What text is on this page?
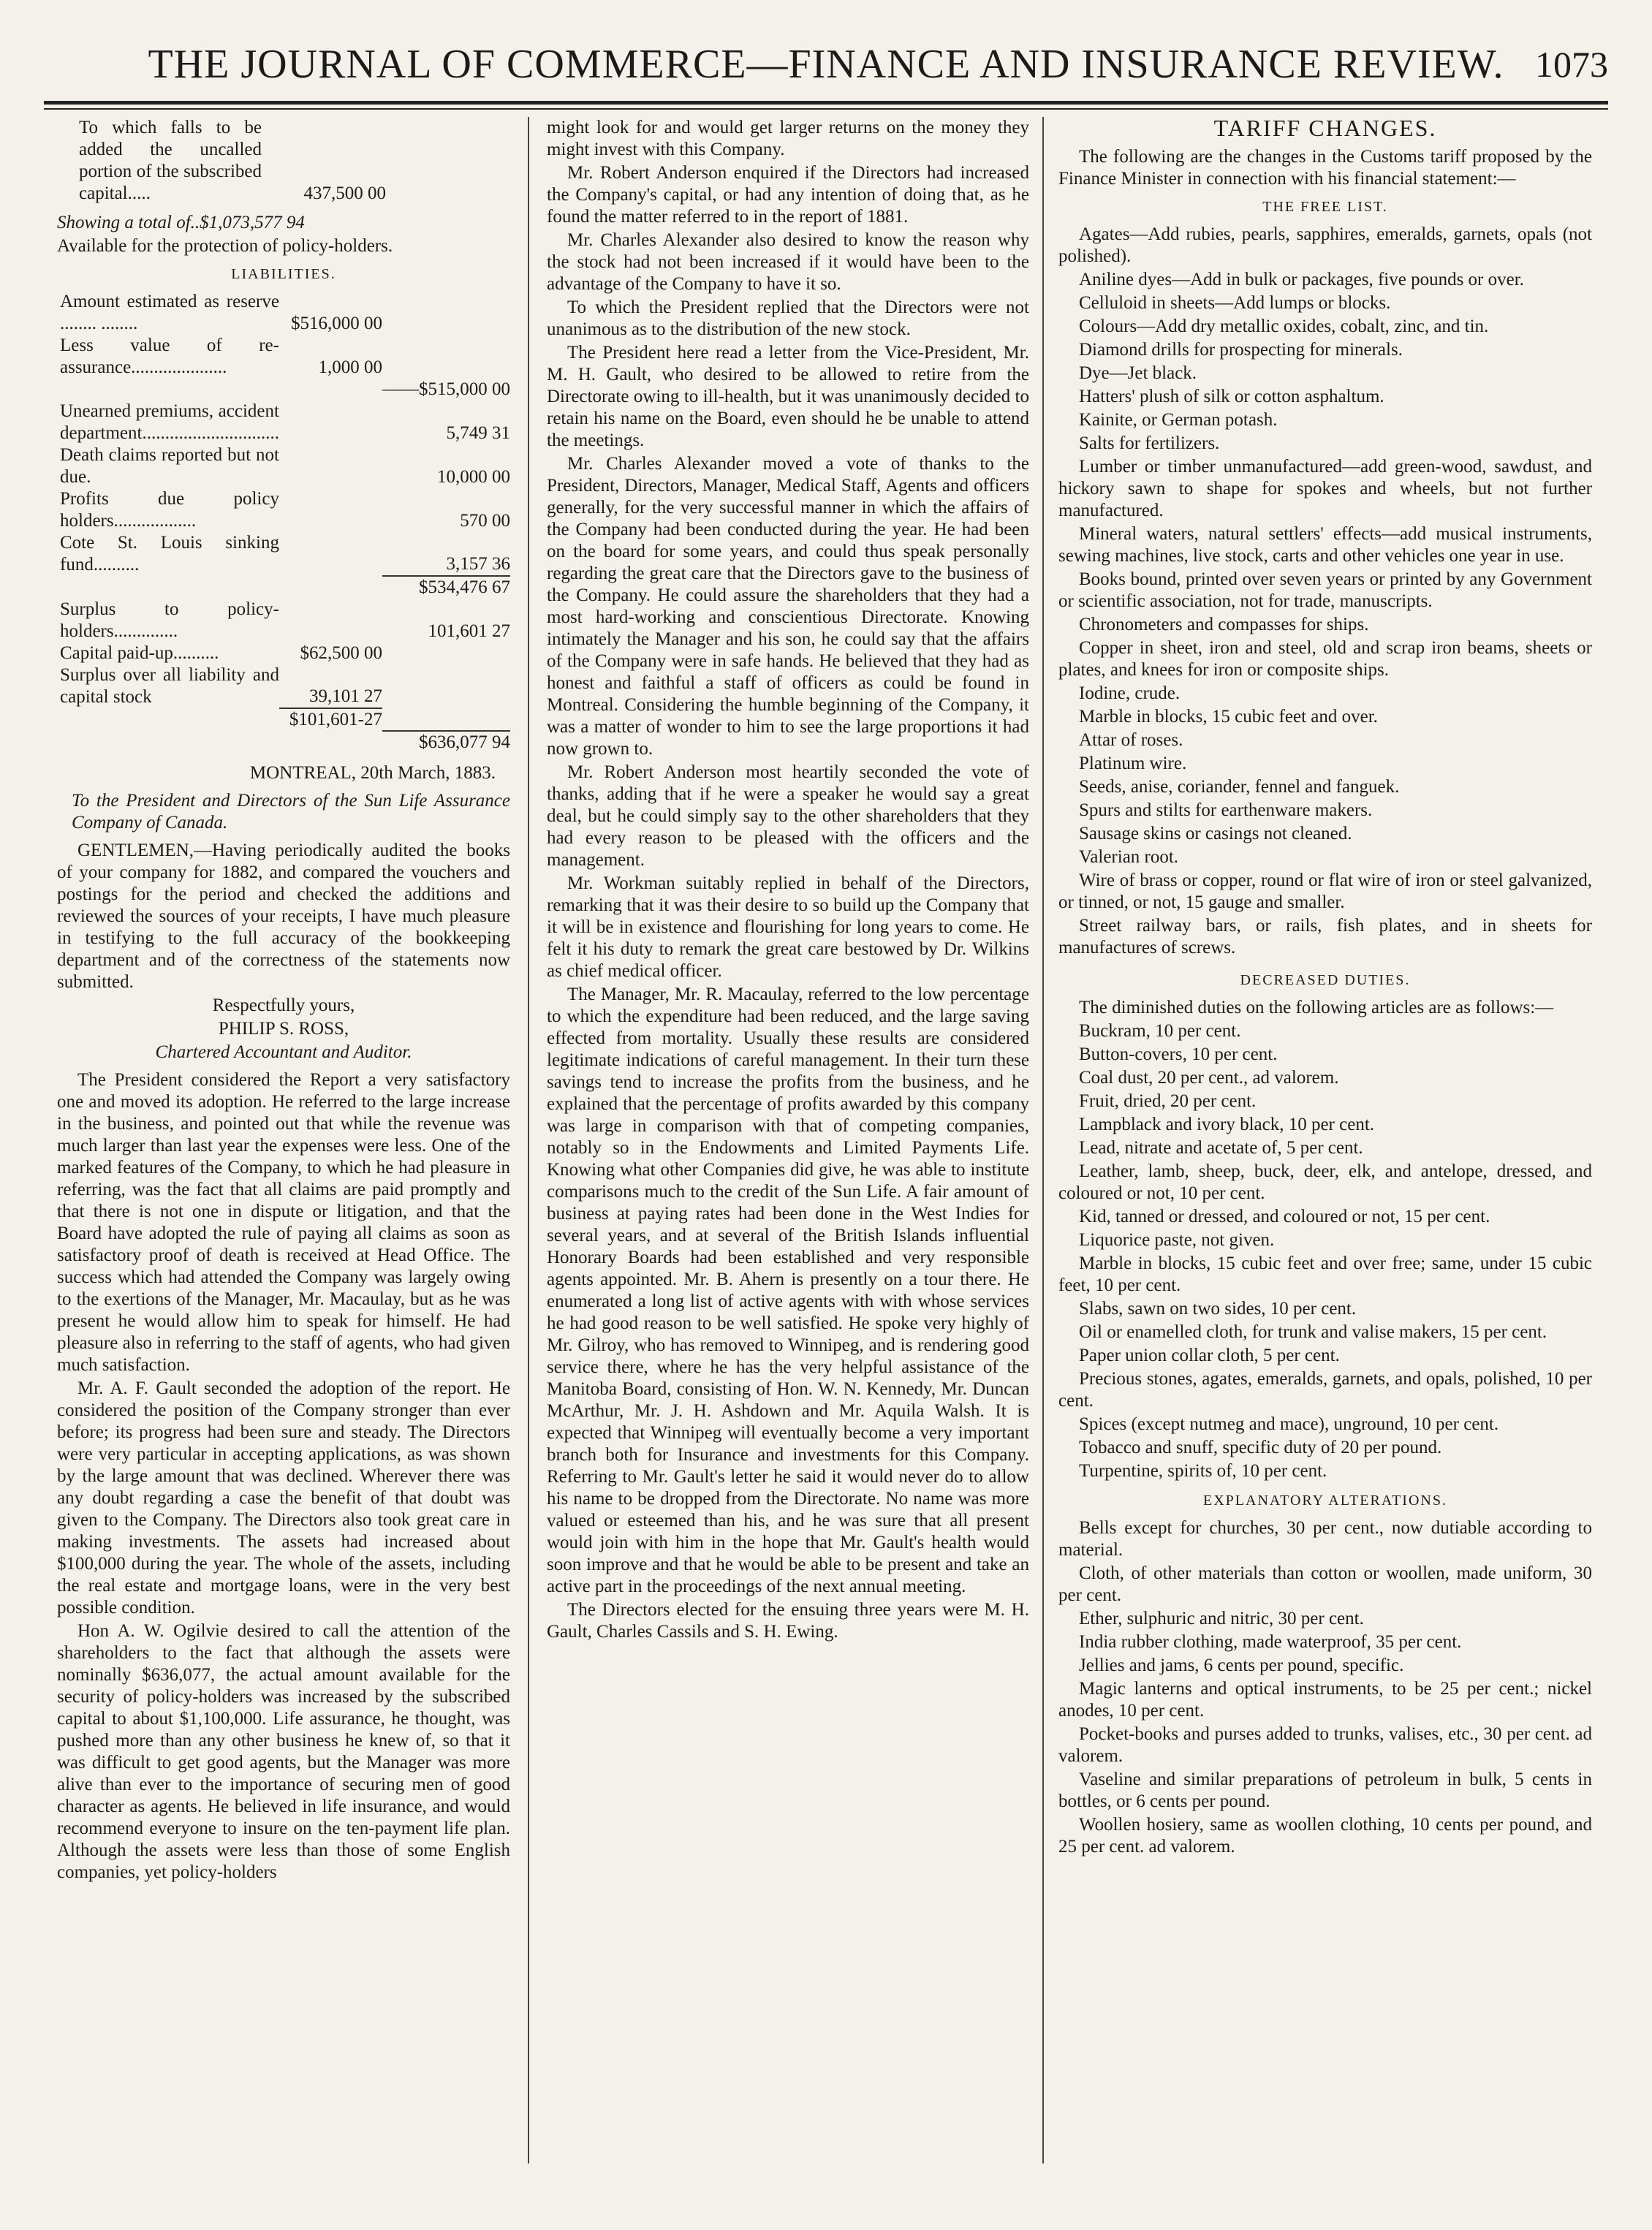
THE JOURNAL OF COMMERCE—FINANCE AND INSURANCE REVIEW. 1073
To which falls to be added the uncalled portion of the subscribed capital.....	437,500 00	

Showing a total of..$1,073,577 94

Available for the protection of policy-holders.

LIABILITIES.

Amount estimated as reserve ........ ........	$516,000 00	
Less value of re-assurance.....................	1,000 00	
		——$515,000 00
Unearned premiums, accident department..............................		5,749 31
Death claims reported but not due.		10,000 00
Profits due policy holders..................		570 00
Cote St. Louis sinking fund..........		3,157 36
		$534,476 67
Surplus to policy-holders..............		101,601 27
Capital paid-up..........	$62,500 00	
Surplus over all liability and capital stock	39,101 27	
	$101,601-27	
		$636,077 94

MONTREAL, 20th March, 1883.

To the President and Directors of the Sun Life Assurance Company of Canada.

GENTLEMEN,—Having periodically audited the books of your company for 1882, and compared the vouchers and postings for the period and checked the additions and reviewed the sources of your receipts, I have much pleasure in testifying to the full accuracy of the bookkeeping department and of the correctness of the statements now submitted.

Respectfully yours,

PHILIP S. ROSS,

Chartered Accountant and Auditor.

The President considered the Report a very satisfactory one and moved its adoption. He referred to the large increase in the business, and pointed out that while the revenue was much larger than last year the expenses were less. One of the marked features of the Company, to which he had pleasure in referring, was the fact that all claims are paid promptly and that there is not one in dispute or litigation, and that the Board have adopted the rule of paying all claims as soon as satisfactory proof of death is received at Head Office. The success which had attended the Company was largely owing to the exertions of the Manager, Mr. Macaulay, but as he was present he would allow him to speak for himself. He had pleasure also in referring to the staff of agents, who had given much satisfaction.

Mr. A. F. Gault seconded the adoption of the report. He considered the position of the Company stronger than ever before; its progress had been sure and steady. The Directors were very particular in accepting applications, as was shown by the large amount that was declined. Wherever there was any doubt regarding a case the benefit of that doubt was given to the Company. The Directors also took great care in making investments. The assets had increased about $100,000 during the year. The whole of the assets, including the real estate and mortgage loans, were in the very best possible condition.

Hon A. W. Ogilvie desired to call the attention of the shareholders to the fact that although the assets were nominally $636,077, the actual amount available for the security of policy-holders was increased by the subscribed capital to about $1,100,000. Life assurance, he thought, was pushed more than any other business he knew of, so that it was difficult to get good agents, but the Manager was more alive than ever to the importance of securing men of good character as agents. He believed in life insurance, and would recommend everyone to insure on the ten-payment life plan. Although the assets were less than those of some English companies, yet policy-holders

might look for and would get larger returns on the money they might invest with this Company.

Mr. Robert Anderson enquired if the Directors had increased the Company's capital, or had any intention of doing that, as he found the matter referred to in the report of 1881.

Mr. Charles Alexander also desired to know the reason why the stock had not been increased if it would have been to the advantage of the Company to have it so.

To which the President replied that the Directors were not unanimous as to the distribution of the new stock.

The President here read a letter from the Vice-President, Mr. M. H. Gault, who desired to be allowed to retire from the Directorate owing to ill-health, but it was unanimously decided to retain his name on the Board, even should he be unable to attend the meetings.

Mr. Charles Alexander moved a vote of thanks to the President, Directors, Manager, Medical Staff, Agents and officers generally, for the very successful manner in which the affairs of the Company had been conducted during the year. He had been on the board for some years, and could thus speak personally regarding the great care that the Directors gave to the business of the Company. He could assure the shareholders that they had a most hard-working and conscientious Directorate. Knowing intimately the Manager and his son, he could say that the affairs of the Company were in safe hands. He believed that they had as honest and faithful a staff of officers as could be found in Montreal. Considering the humble beginning of the Company, it was a matter of wonder to him to see the large proportions it had now grown to.

Mr. Robert Anderson most heartily seconded the vote of thanks, adding that if he were a speaker he would say a great deal, but he could simply say to the other shareholders that they had every reason to be pleased with the officers and the management.

Mr. Workman suitably replied in behalf of the Directors, remarking that it was their desire to so build up the Company that it will be in existence and flourishing for long years to come. He felt it his duty to remark the great care bestowed by Dr. Wilkins as chief medical officer.

The Manager, Mr. R. Macaulay, referred to the low percentage to which the expenditure had been reduced, and the large saving effected from mortality. Usually these results are considered legitimate indications of careful management. In their turn these savings tend to increase the profits from the business, and he explained that the percentage of profits awarded by this company was large in comparison with that of competing companies, notably so in the Endowments and Limited Payments Life. Knowing what other Companies did give, he was able to institute comparisons much to the credit of the Sun Life. A fair amount of business at paying rates had been done in the West Indies for several years, and at several of the British Islands influential Honorary Boards had been established and very responsible agents appointed. Mr. B. Ahern is presently on a tour there. He enumerated a long list of active agents with with whose services he had good reason to be well satisfied. He spoke very highly of Mr. Gilroy, who has removed to Winnipeg, and is rendering good service there, where he has the very helpful assistance of the Manitoba Board, consisting of Hon. W. N. Kennedy, Mr. Duncan McArthur, Mr. J. H. Ashdown and Mr. Aquila Walsh. It is expected that Winnipeg will eventually become a very important branch both for Insurance and investments for this Company. Referring to Mr. Gault's letter he said it would never do to allow his name to be dropped from the Directorate. No name was more valued or esteemed than his, and he was sure that all present would join with him in the hope that Mr. Gault's health would soon improve and that he would be able to be present and take an active part in the proceedings of the next annual meeting.

The Directors elected for the ensuing three years were M. H. Gault, Charles Cassils and S. H. Ewing.

TARIFF CHANGES.

The following are the changes in the Customs tariff proposed by the Finance Minister in connection with his financial statement:—

THE FREE LIST.

Agates—Add rubies, pearls, sapphires, emeralds, garnets, opals (not polished).

Aniline dyes—Add in bulk or packages, five pounds or over.

Celluloid in sheets—Add lumps or blocks.

Colours—Add dry metallic oxides, cobalt, zinc, and tin.

Diamond drills for prospecting for minerals.

Dye—Jet black.

Hatters' plush of silk or cotton asphaltum.

Kainite, or German potash.

Salts for fertilizers.

Lumber or timber unmanufactured—add green-wood, sawdust, and hickory sawn to shape for spokes and wheels, but not further manufactured.

Mineral waters, natural settlers' effects—add musical instruments, sewing machines, live stock, carts and other vehicles one year in use.

Books bound, printed over seven years or printed by any Government or scientific association, not for trade, manuscripts.

Chronometers and compasses for ships.

Copper in sheet, iron and steel, old and scrap iron beams, sheets or plates, and knees for iron or composite ships.

Iodine, crude.

Marble in blocks, 15 cubic feet and over.

Attar of roses.

Platinum wire.

Seeds, anise, coriander, fennel and fanguek.

Spurs and stilts for earthenware makers.

Sausage skins or casings not cleaned.

Valerian root.

Wire of brass or copper, round or flat wire of iron or steel galvanized, or tinned, or not, 15 gauge and smaller.

Street railway bars, or rails, fish plates, and in sheets for manufactures of screws.

DECREASED DUTIES.

The diminished duties on the following articles are as follows:—

Buckram, 10 per cent.

Button-covers, 10 per cent.

Coal dust, 20 per cent., ad valorem.

Fruit, dried, 20 per cent.

Lampblack and ivory black, 10 per cent.

Lead, nitrate and acetate of, 5 per cent.

Leather, lamb, sheep, buck, deer, elk, and antelope, dressed, and coloured or not, 10 per cent.

Kid, tanned or dressed, and coloured or not, 15 per cent.

Liquorice paste, not given.

Marble in blocks, 15 cubic feet and over free; same, under 15 cubic feet, 10 per cent.

Slabs, sawn on two sides, 10 per cent.

Oil or enamelled cloth, for trunk and valise makers, 15 per cent.

Paper union collar cloth, 5 per cent.

Precious stones, agates, emeralds, garnets, and opals, polished, 10 per cent.

Spices (except nutmeg and mace), unground, 10 per cent.

Tobacco and snuff, specific duty of 20 per pound.

Turpentine, spirits of, 10 per cent.

EXPLANATORY ALTERATIONS.

Bells except for churches, 30 per cent., now dutiable according to material.

Cloth, of other materials than cotton or woollen, made uniform, 30 per cent.

Ether, sulphuric and nitric, 30 per cent.

India rubber clothing, made waterproof, 35 per cent.

Jellies and jams, 6 cents per pound, specific.

Magic lanterns and optical instruments, to be 25 per cent.; nickel anodes, 10 per cent.

Pocket-books and purses added to trunks, valises, etc., 30 per cent. ad valorem.

Vaseline and similar preparations of petroleum in bulk, 5 cents in bottles, or 6 cents per pound.

Woollen hosiery, same as woollen clothing, 10 cents per pound, and 25 per cent. ad valorem.
